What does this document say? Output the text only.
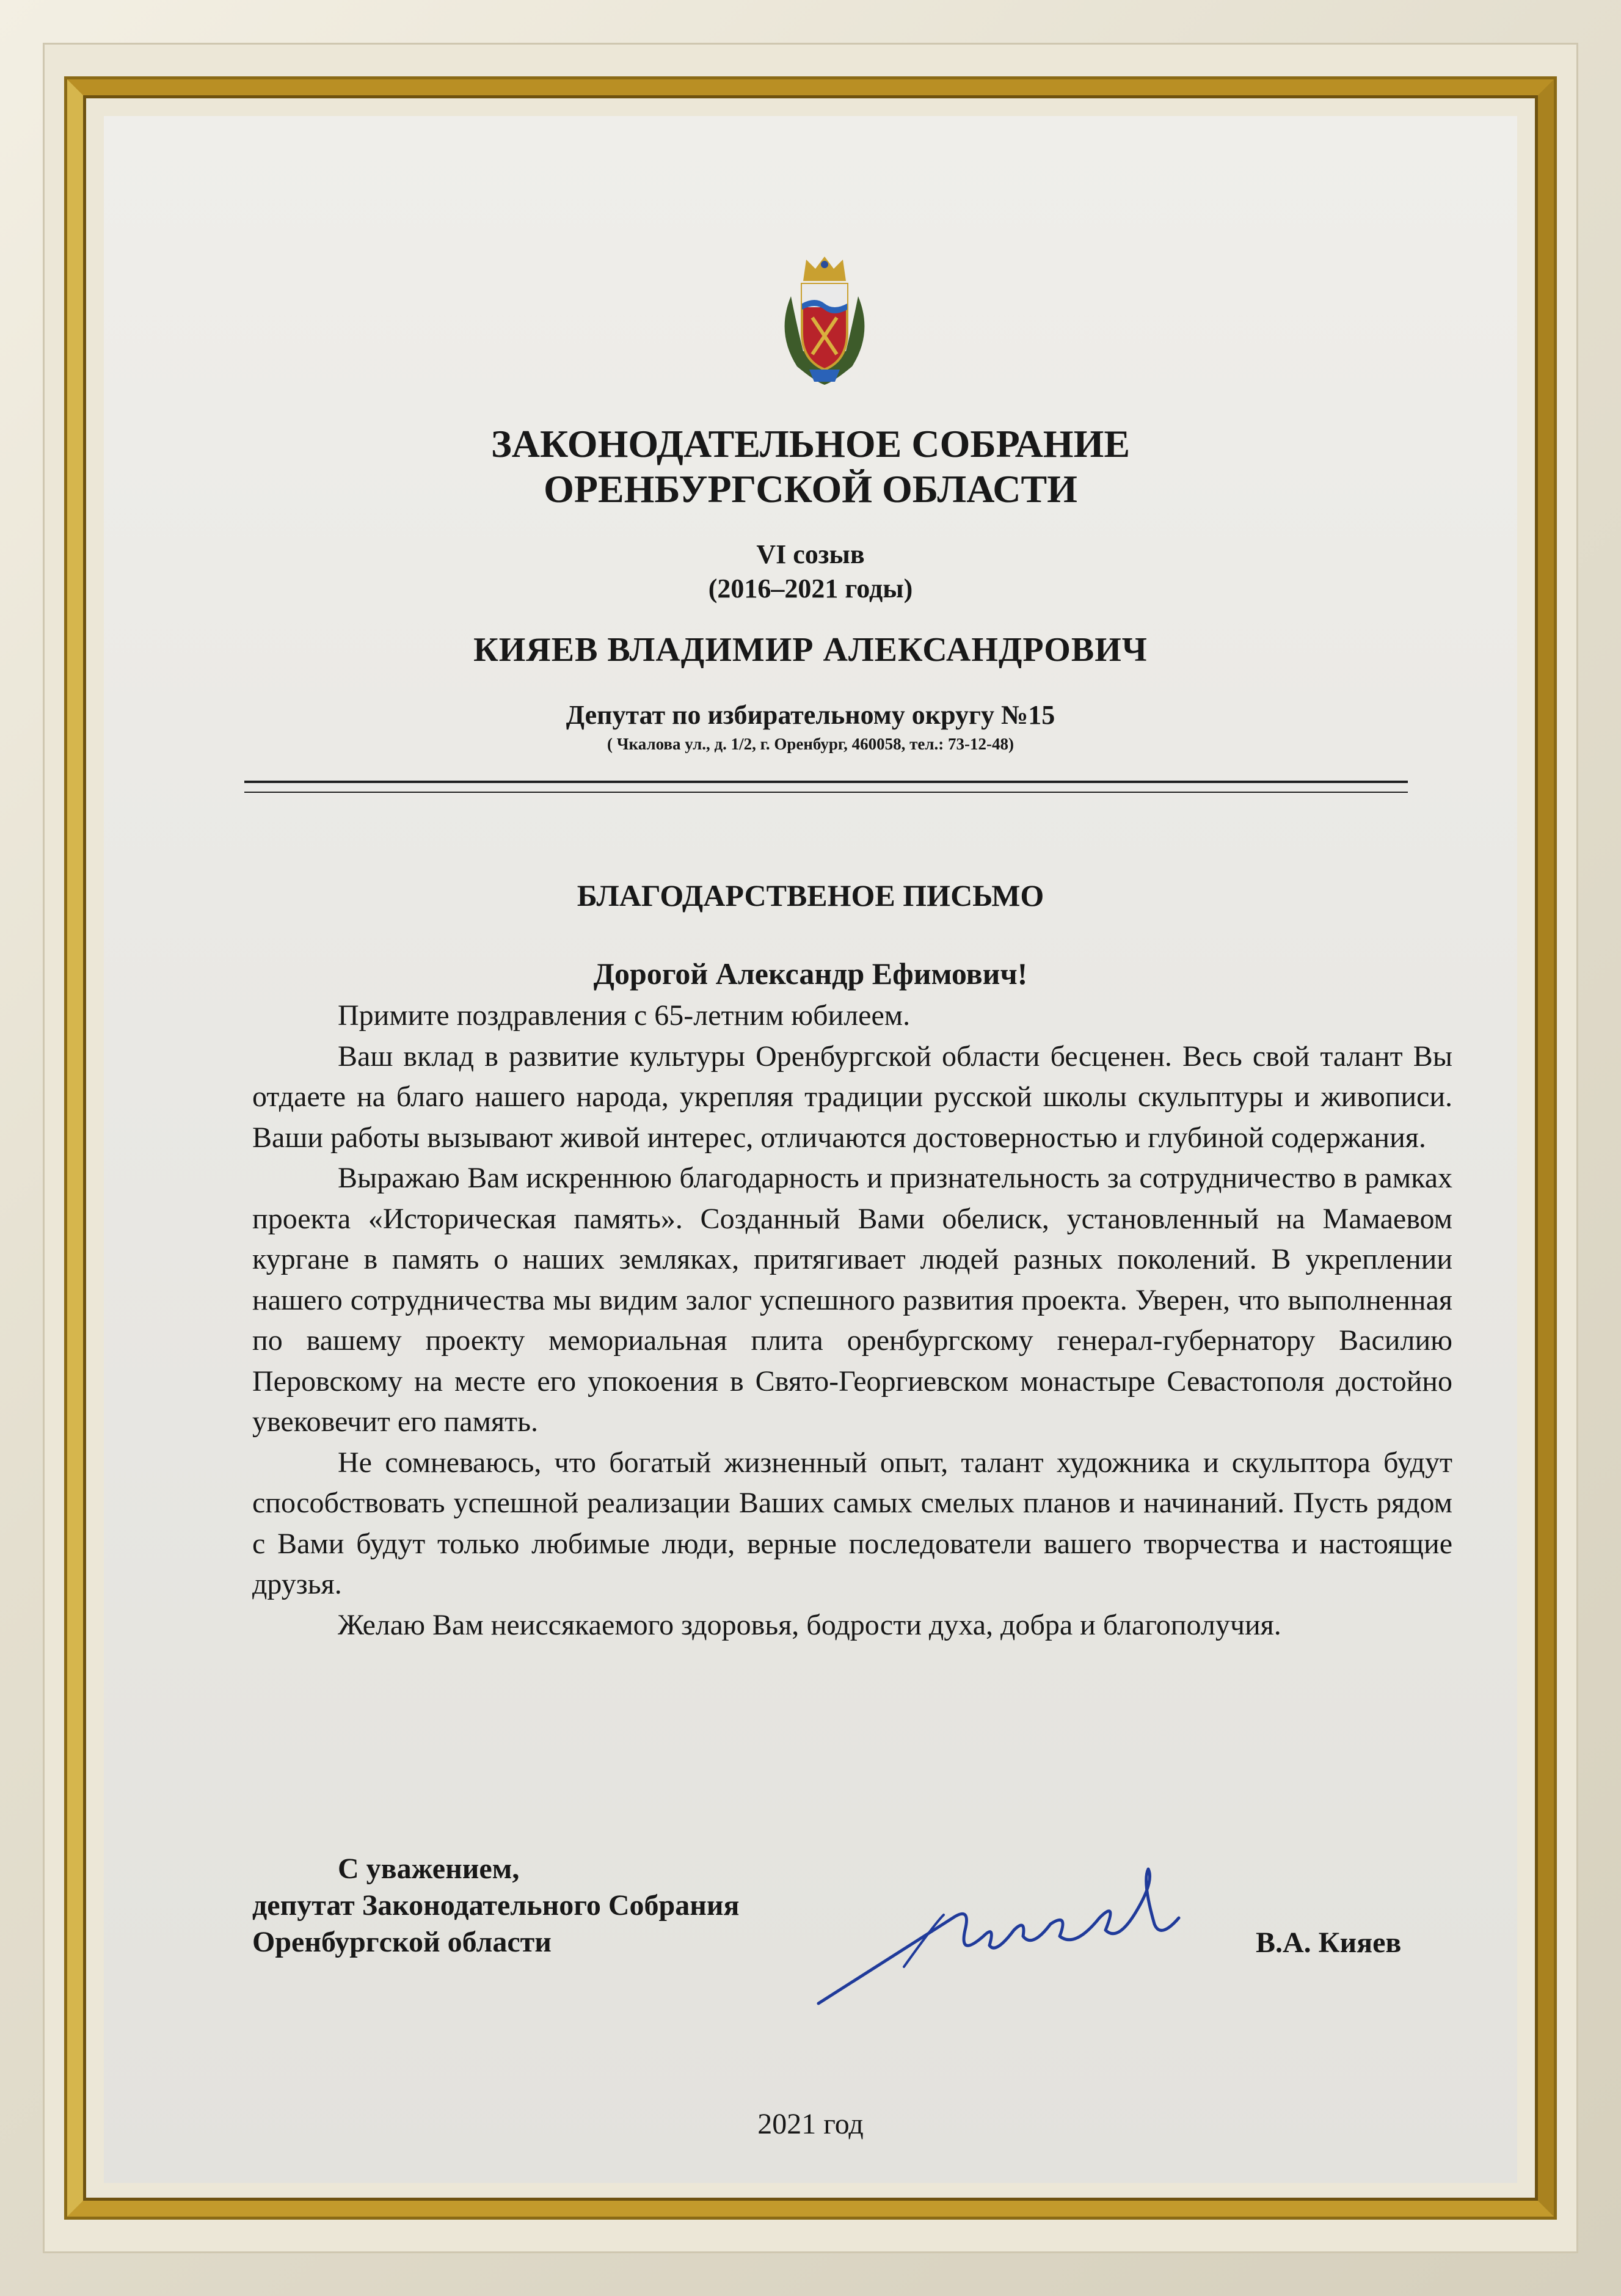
ЗАКОНОДАТЕЛЬНОЕ СОБРАНИЕ
ОРЕНБУРГСКОЙ ОБЛАСТИ
VI созыв
(2016–2021 годы)
КИЯЕВ ВЛАДИМИР АЛЕКСАНДРОВИЧ
Депутат по избирательному округу №15
( Чкалова ул., д. 1/2, г. Оренбург, 460058, тел.: 73-12-48)
БЛАГОДАРСТВЕНОЕ ПИСЬМО
Дорогой Александр Ефимович!

Примите поздравления с 65-летним юбилеем.

Ваш вклад в развитие культуры Оренбургской области бесценен. Весь свой талант Вы отдаете на благо нашего народа, укрепляя традиции русской школы скульптуры и живописи. Ваши работы вызывают живой интерес, отличаются достоверностью и глубиной содержания.

Выражаю Вам искреннюю благодарность и признательность за сотрудничество в рамках проекта «Историческая память». Созданный Вами обелиск, установленный на Мамаевом кургане в память о наших земляках, притягивает людей разных поколений. В укреплении нашего сотрудничества мы видим залог успешного развития проекта. Уверен, что выполненная по вашему проекту мемориальная плита оренбургскому генерал-губернатору Василию Перовскому на месте его упокоения в Свято-Георгиевском монастыре Севастополя достойно увековечит его память.

Не сомневаюсь, что богатый жизненный опыт, талант художника и скульптора будут способствовать успешной реализации Ваших самых смелых планов и начинаний. Пусть рядом с Вами будут только любимые люди, верные последователи вашего творчества и настоящие друзья.

Желаю Вам неиссякаемого здоровья, бодрости духа, добра и благополучия.

С уважением,
депутат Законодательного Собрания
Оренбургской области	В.А. Кияев
2021 год
